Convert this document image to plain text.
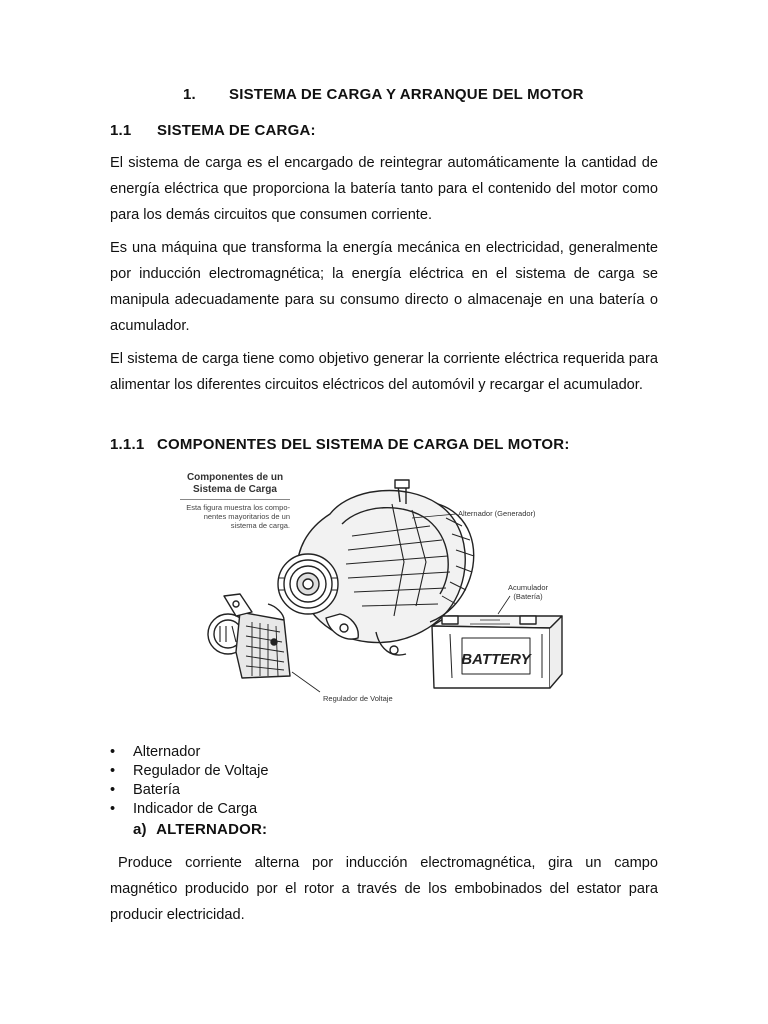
1. SISTEMA DE CARGA Y ARRANQUE DEL MOTOR
1.1 SISTEMA DE CARGA:

El sistema de carga es el encargado de reintegrar automáticamente la cantidad de energía eléctrica que proporciona la batería tanto para el contenido del motor como para los demás circuitos que consumen corriente.

Es una máquina que transforma la energía mecánica en electricidad, generalmente por inducción electromagnética; la energía eléctrica en el sistema de carga se manipula adecuadamente para su consumo directo o almacenaje en una batería o acumulador.

El sistema de carga tiene como objetivo generar la corriente eléctrica requerida para alimentar los diferentes circuitos eléctricos del automóvil y recargar el acumulador.

1.1.1 COMPONENTES DEL SISTEMA DE CARGA DEL MOTOR:
Componentes de un
Sistema de Carga
Esta figura muestra los compo-
nentes mayoritarios de un
sistema de carga.
BATTERY
Alternador (Generador)
Acumulador
(Batería)
Regulador de Voltaje
• Alternador
• Regulador de Voltaje
• Batería
• Indicador de Carga
a) ALTERNADOR:

Produce corriente alterna por inducción electromagnética, gira un campo magnético producido por el rotor a través de los embobinados del estator para producir electricidad.
